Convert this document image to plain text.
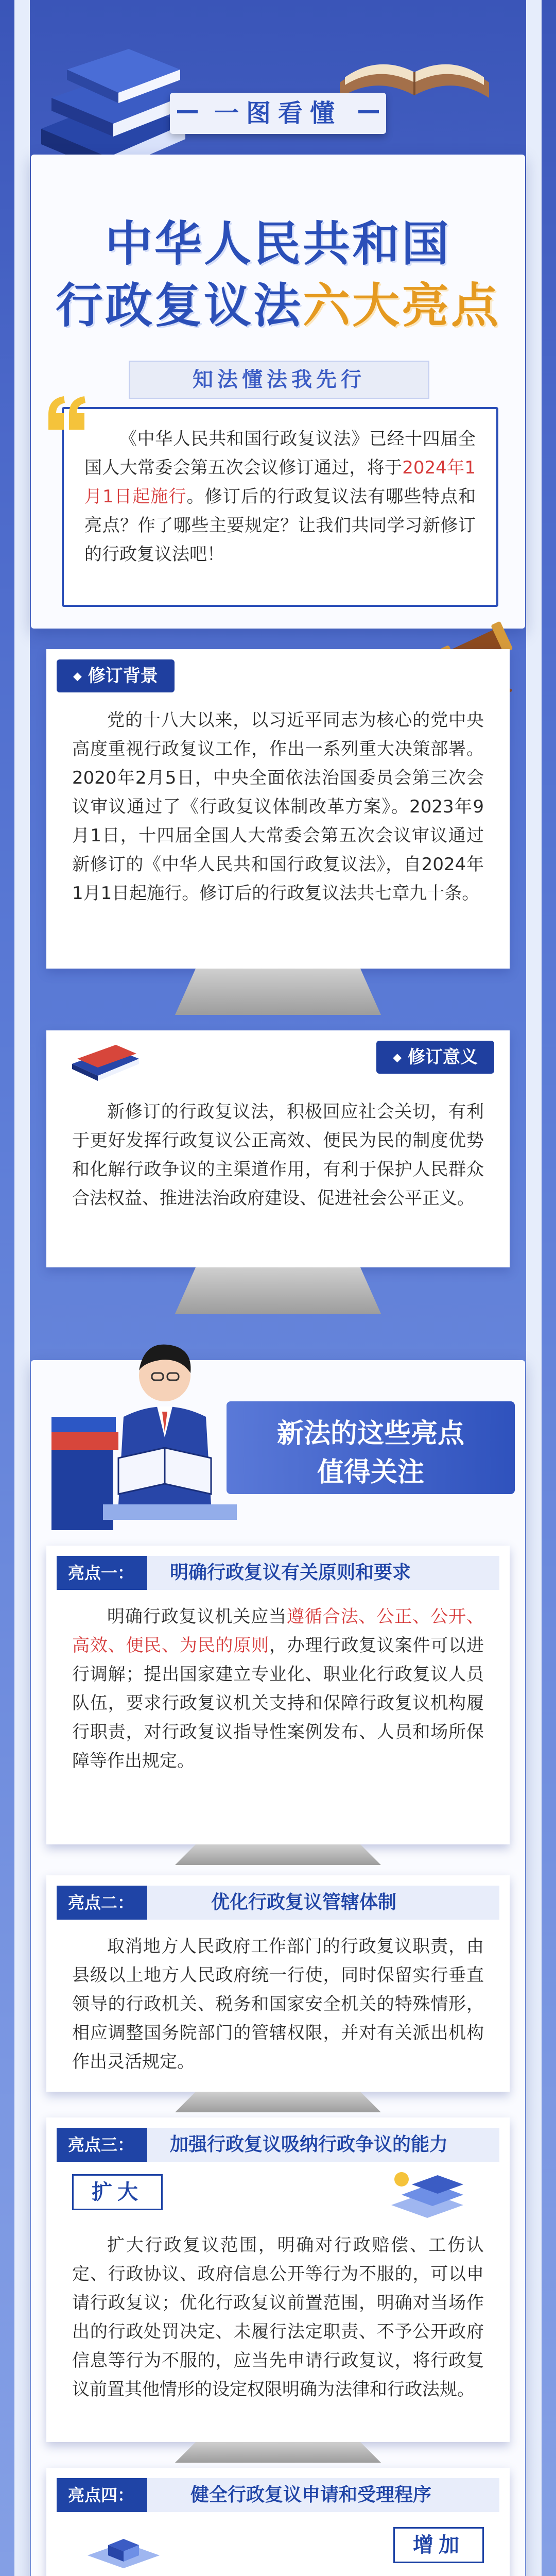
一图看懂
中华人民共和国
行政复议法六大亮点
知法懂法我先行
《中华人民共和国行政复议法》已经十四届全国人大常委会第五次会议修订通过，将于2024年1月1日起施行。修订后的行政复议法有哪些特点和亮点？作了哪些主要规定？让我们共同学习新修订的行政复议法吧！
◆ 修订背景
党的十八大以来，以习近平同志为核心的党中央高度重视行政复议工作，作出一系列重大决策部署。2020年2月5日，中央全面依法治国委员会第三次会议审议通过了《行政复议体制改革方案》。2023年9月1日，十四届全国人大常委会第五次会议审议通过新修订的《中华人民共和国行政复议法》，自2024年1月1日起施行。修订后的行政复议法共七章九十条。
◆ 修订意义
新修订的行政复议法，积极回应社会关切，有利于更好发挥行政复议公正高效、便民为民的制度优势和化解行政争议的主渠道作用，有利于保护人民群众合法权益、推进法治政府建设、促进社会公平正义。
新法的这些亮点
值得关注
亮点一：	明确行政复议有关原则和要求
明确行政复议机关应当遵循合法、公正、公开、高效、便民、为民的原则，办理行政复议案件可以进行调解；提出国家建立专业化、职业化行政复议人员队伍，要求行政复议机关支持和保障行政复议机构履行职责，对行政复议指导性案例发布、人员和场所保障等作出规定。
亮点二：	优化行政复议管辖体制
取消地方人民政府工作部门的行政复议职责，由县级以上地方人民政府统一行使，同时保留实行垂直领导的行政机关、税务和国家安全机关的特殊情形，相应调整国务院部门的管辖权限，并对有关派出机构作出灵活规定。
亮点三：	加强行政复议吸纳行政争议的能力
扩大
扩大行政复议范围，明确对行政赔偿、工伤认定、行政协议、政府信息公开等行为不服的，可以申请行政复议；优化行政复议前置范围，明确对当场作出的行政处罚决定、未履行法定职责、不予公开政府信息等行为不服的，应当先申请行政复议，将行政复议前置其他情形的设定权限明确为法律和行政法规。
亮点四：	健全行政复议申请和受理程序
增加
